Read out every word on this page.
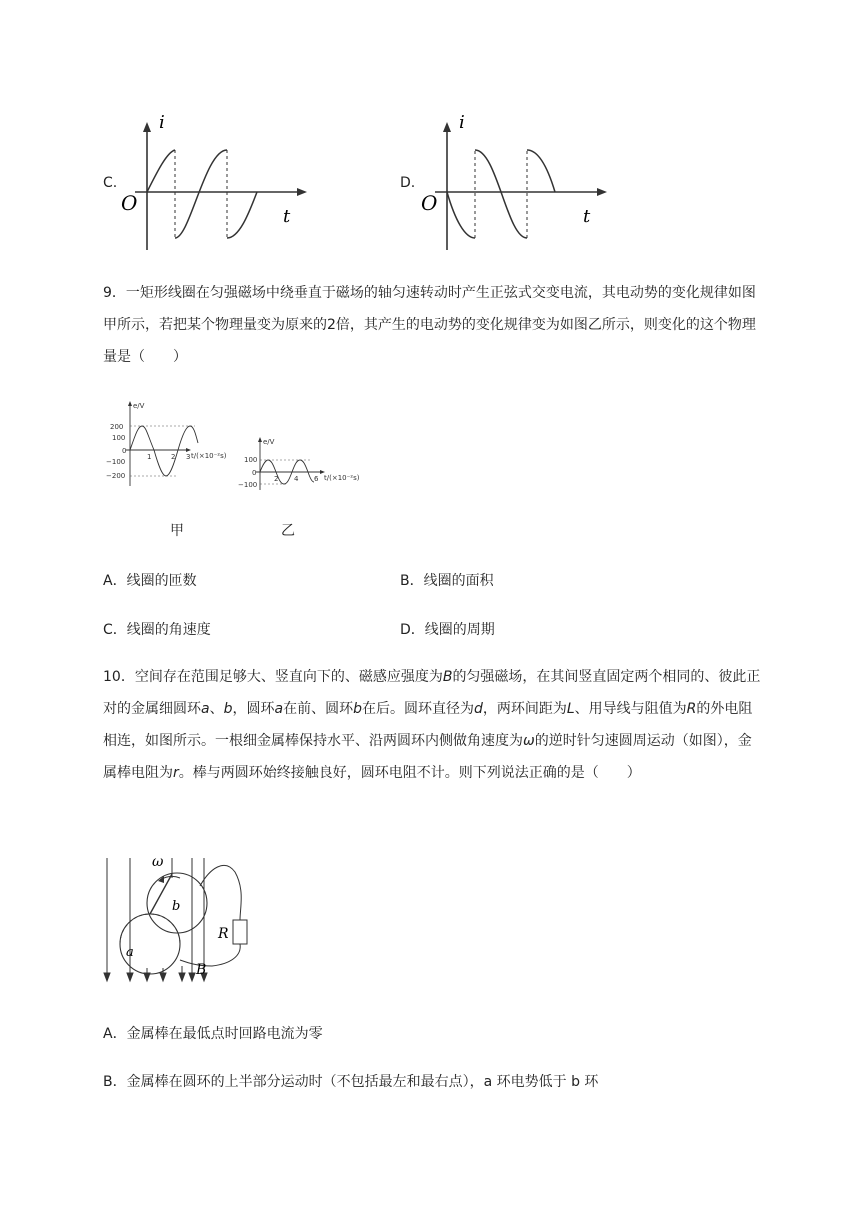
C.
i
O
t
D.
i
O
t
9．一矩形线圈在匀强磁场中绕垂直于磁场的轴匀速转动时产生正弦式交变电流，其电动势的变化规律如图甲所示，若把某个物理量变为原来的2倍，其产生的电动势的变化规律变为如图乙所示，则变化的这个物理量是（　　）
e/V
t/(×10⁻²s)
200
100
0
−100
−200
1	2 3
e/V
t/(×10⁻²s)
100
0
−100
2 4 6
甲	乙
A．线圈的匝数	B．线圈的面积
C．线圈的角速度	D．线圈的周期
10．空间存在范围足够大、竖直向下的、磁感应强度为B的匀强磁场，在其间竖直固定两个相同的、彼此正对的金属细圆环a、b，圆环a在前、圆环b在后。圆环直径为d，两环间距为L、用导线与阻值为R的外电阻相连，如图所示。一根细金属棒保持水平、沿两圆环内侧做角速度为ω的逆时针匀速圆周运动（如图），金属棒电阻为r。棒与两圆环始终接触良好，圆环电阻不计。则下列说法正确的是（　　）
ω
b
a
R
B
A．金属棒在最低点时回路电流为零
B．金属棒在圆环的上半部分运动时（不包括最左和最右点），a 环电势低于 b 环
